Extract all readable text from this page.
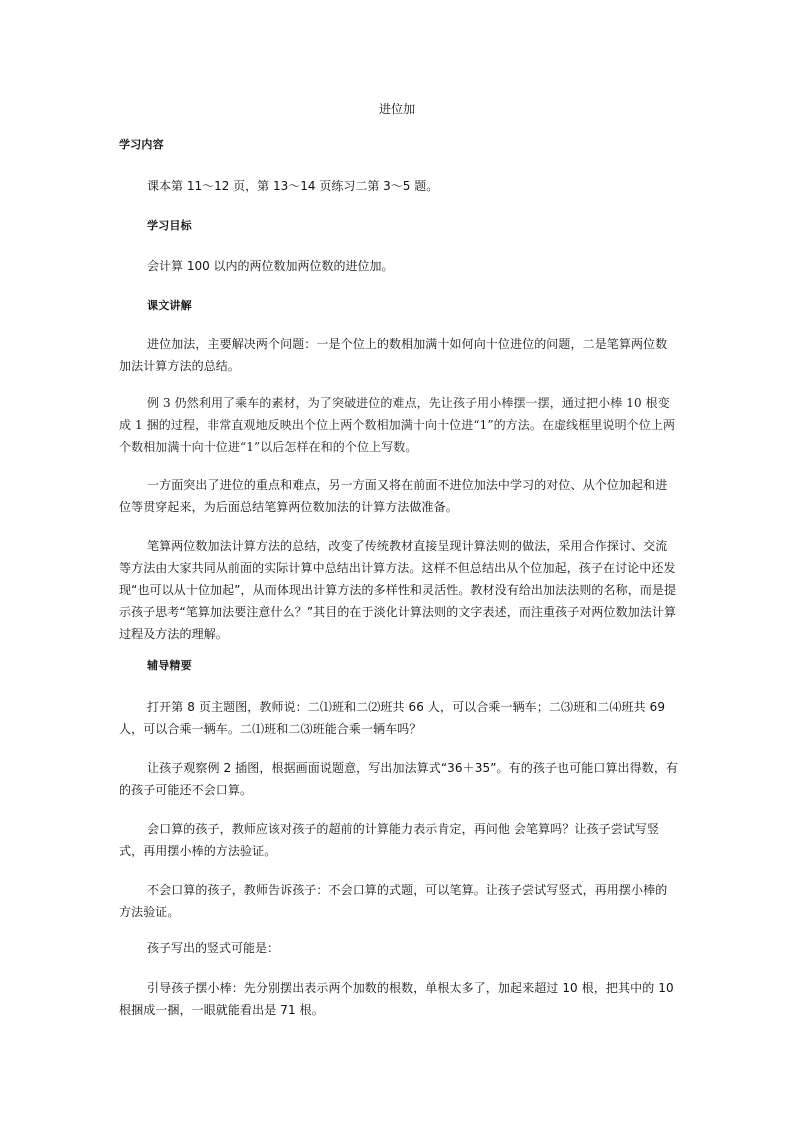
进位加
学习内容
课本第 11～12 页，第 13～14 页练习二第 3～5 题。
学习目标
会计算 100 以内的两位数加两位数的进位加。
课文讲解
进位加法，主要解决两个问题：一是个位上的数相加满十如何向十位进位的问题，二是笔算两位数加法计算方法的总结。
例 3 仍然利用了乘车的素材，为了突破进位的难点，先让孩子用小棒摆一摆，通过把小棒 10 根变成 1 捆的过程，非常直观地反映出个位上两个数相加满十向十位进“1”的方法。在虚线框里说明个位上两个数相加满十向十位进“1”以后怎样在和的个位上写数。
一方面突出了进位的重点和难点，另一方面又将在前面不进位加法中学习的对位、从个位加起和进位等贯穿起来，为后面总结笔算两位数加法的计算方法做准备。
笔算两位数加法计算方法的总结，改变了传统教材直接呈现计算法则的做法，采用合作探讨、交流等方法由大家共同从前面的实际计算中总结出计算方法。这样不但总结出从个位加起，孩子在讨论中还发现“也可以从十位加起”，从而体现出计算方法的多样性和灵活性。教材没有给出加法法则的名称，而是提示孩子思考“笔算加法要注意什么？”其目的在于淡化计算法则的文字表述，而注重孩子对两位数加法计算过程及方法的理解。
辅导精要
打开第 8 页主题图，教师说：二⑴班和二⑵班共 66 人，可以合乘一辆车；二⑶班和二⑷班共 69 人，可以合乘一辆车。二⑴班和二⑶班能合乘一辆车吗？
让孩子观察例 2 插图，根据画面说题意，写出加法算式“36＋35”。有的孩子也可能口算出得数，有的孩子可能还不会口算。
会口算的孩子，教师应该对孩子的超前的计算能力表示肯定，再问他 会笔算吗？让孩子尝试写竖式，再用摆小棒的方法验证。
不会口算的孩子，教师告诉孩子：不会口算的式题，可以笔算。让孩子尝试写竖式，再用摆小棒的方法验证。
孩子写出的竖式可能是：
引导孩子摆小棒：先分别摆出表示两个加数的根数，单根太多了，加起来超过 10 根，把其中的 10 根捆成一捆，一眼就能看出是 71 根。
